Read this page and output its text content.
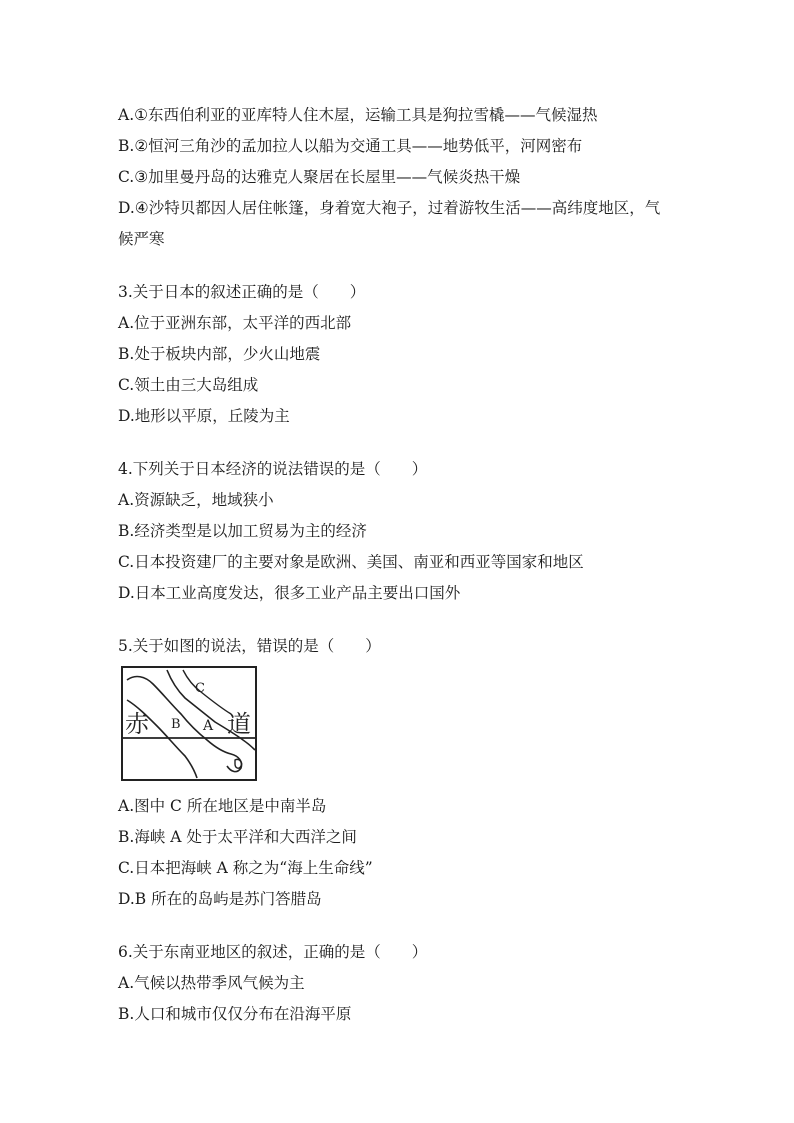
A.①东西伯利亚的亚库特人住木屋，运输工具是狗拉雪橇——气候湿热
B.②恒河三角沙的孟加拉人以船为交通工具——地势低平，河网密布
C.③加里曼丹岛的达雅克人聚居在长屋里——气候炎热干燥
D.④沙特贝都因人居住帐篷，身着宽大袍子，过着游牧生活——高纬度地区，气
候严寒
3.关于日本的叙述正确的是（　　）
A.位于亚洲东部，太平洋的西北部
B.处于板块内部，少火山地震
C.领土由三大岛组成
D.地形以平原，丘陵为主
4.下列关于日本经济的说法错误的是（　　）
A.资源缺乏，地域狭小
B.经济类型是以加工贸易为主的经济
C.日本投资建厂的主要对象是欧洲、美国、南亚和西亚等国家和地区
D.日本工业高度发达，很多工业产品主要出口国外
5.关于如图的说法，错误的是（　　）
赤 B A 道
C
A.图中 C 所在地区是中南半岛
B.海峡 A 处于太平洋和大西洋之间
C.日本把海峡 A 称之为“海上生命线”
D.B 所在的岛屿是苏门答腊岛
6.关于东南亚地区的叙述，正确的是（　　）
A.气候以热带季风气候为主
B.人口和城市仅仅分布在沿海平原
